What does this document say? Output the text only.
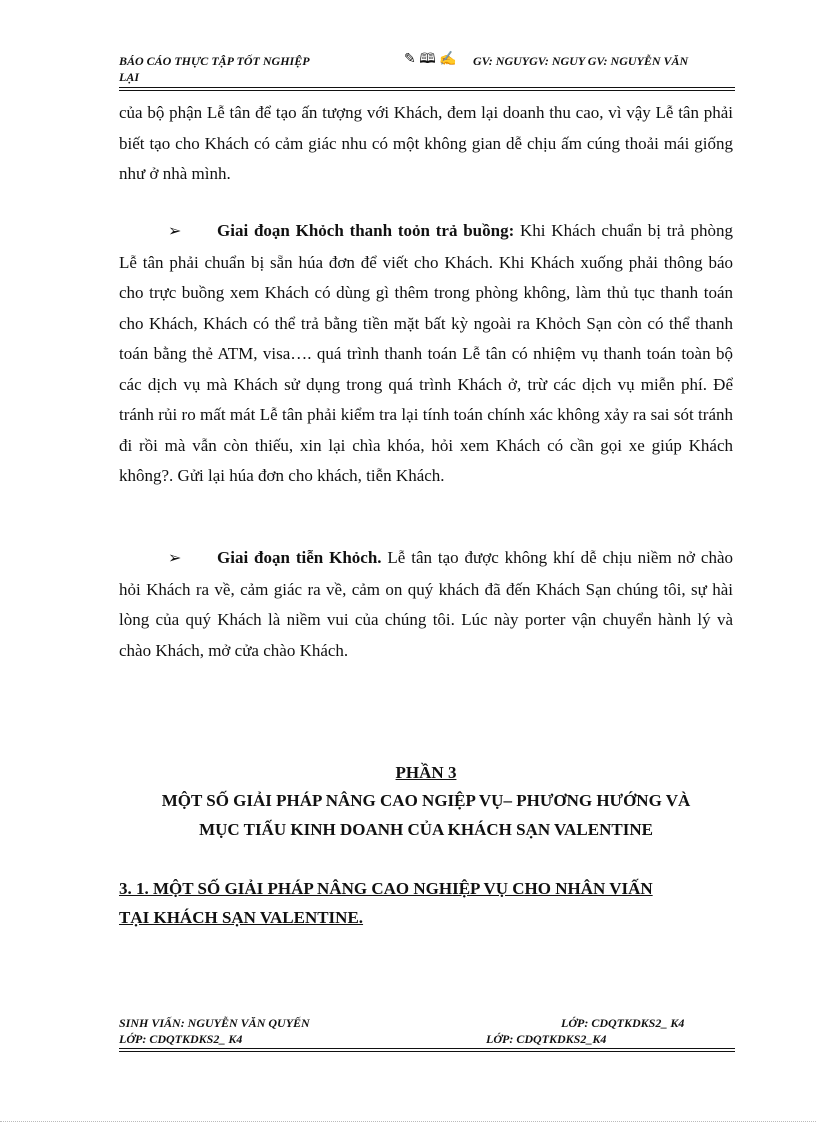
BÁO CÁO THỰC TẬP TỐT NGHIỆP
LẠI
✎ 🕮 ✍ GV: NGUYGV: NGUY GV: NGUYỄN VĂN

của bộ phận Lễ tân để tạo ấn tượng với Khách, đem lại doanh thu cao, vì vậy Lễ tân phải biết tạo cho Khách có cảm giác nhu có một không gian dễ chịu ấm cúng thoải mái giống như ở nhà mình.

➢ Giai đoạn Khỏch thanh toỏn trả buồng: Khi Khách chuẩn bị trả phòng Lễ tân phải chuẩn bị sẵn húa đơn để viết cho Khách. Khi Khách xuống phải thông báo cho trực buồng xem Khách có dùng gì thêm trong phòng không, làm thủ tục thanh toán cho Khách, Khách có thể trả bằng tiền mặt bất kỳ ngoài ra Khỏch Sạn còn có thể thanh toán bằng thẻ ATM, visa…. quá trình thanh toán Lễ tân có nhiệm vụ thanh toán toàn bộ các dịch vụ mà Khách sử dụng trong quá trình Khách ở, trừ các dịch vụ miễn phí. Để tránh rủi ro mất mát Lễ tân phải kiểm tra lại tính toán chính xác không xảy ra sai sót tránh đi rồi mà vẫn còn thiếu, xin lại chìa khóa, hỏi xem Khách có cần gọi xe giúp Khách không?. Gửi lại húa đơn cho khách, tiễn Khách.

➢ Giai đoạn tiễn Khỏch. Lễ tân tạo được không khí dễ chịu niềm nở chào hỏi Khách ra về, cảm giác ra về, cảm on quý khách đã đến Khách Sạn chúng tôi, sự hài lòng của quý Khách là niềm vui của chúng tôi. Lúc này porter vận chuyển hành lý và chào Khách, mở cửa chào Khách.

PHẦN 3
MỘT SỐ GIẢI PHÁP NÂNG CAO NGIỆP VỤ– PHƯƠNG HƯỚNG VÀ
MỤC TIẤU KINH DOANH CỦA KHÁCH SẠN VALENTINE
3. 1. MỘT SỐ GIẢI PHÁP NÂNG CAO NGHIỆP VỤ CHO NHÂN VIẤN
TẠI KHÁCH SẠN VALENTINE.
SINH VIẤN: NGUYỄN VĂN QUYẾN	LỚP: CDQTKDKS2_ K4
LỚP: CDQTKDKS2_ K4	LỚP: CDQTKDKS2_K4
